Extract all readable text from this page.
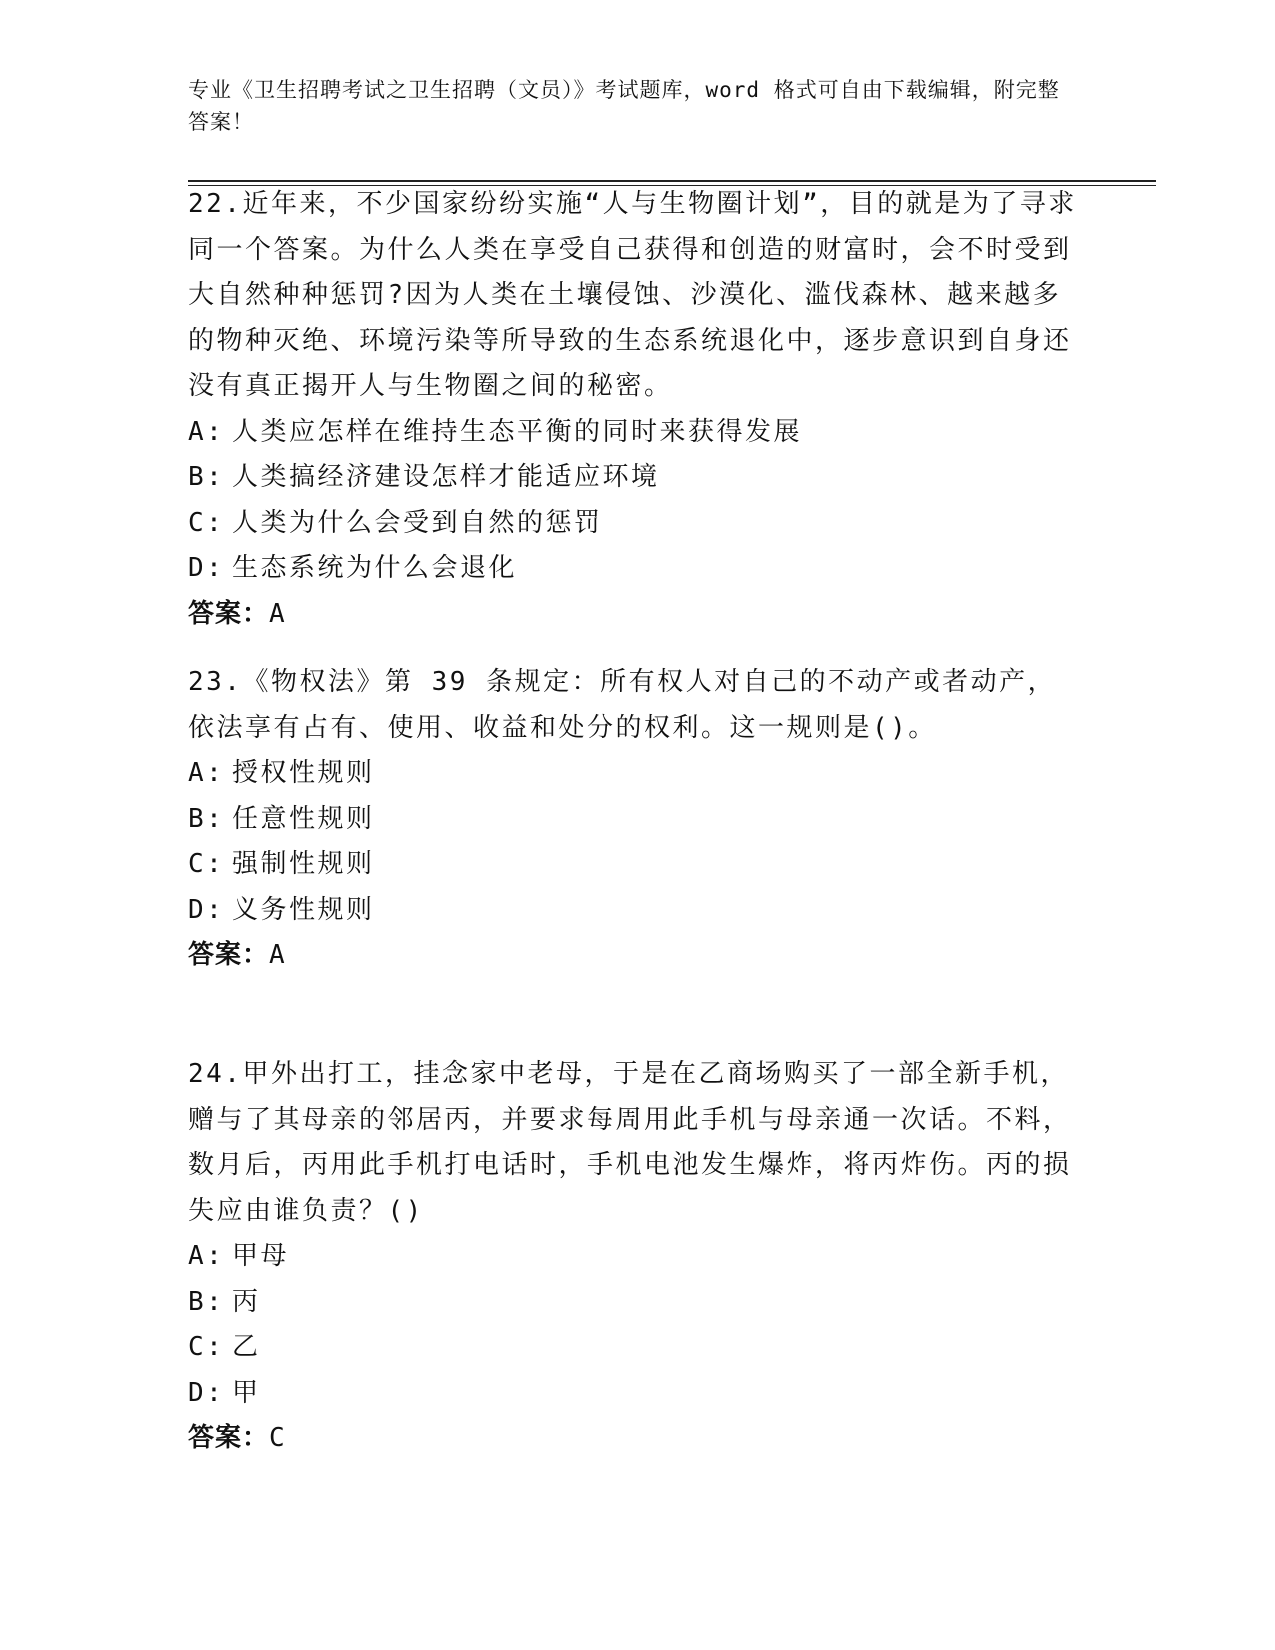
专业《卫生招聘考试之卫生招聘（文员）》考试题库，word 格式可自由下载编辑，附完整答案！

22.近年来，不少国家纷纷实施“人与生物圈计划”，目的就是为了寻求同一个答案。为什么人类在享受自己获得和创造的财富时，会不时受到大自然种种惩罚?因为人类在土壤侵蚀、沙漠化、滥伐森林、越来越多的物种灭绝、环境污染等所导致的生态系统退化中，逐步意识到自身还没有真正揭开人与生物圈之间的秘密。

A: 人类应怎样在维持生态平衡的同时来获得发展

B: 人类搞经济建设怎样才能适应环境

C: 人类为什么会受到自然的惩罚

D: 生态系统为什么会退化

答案：A

23.《物权法》第 39 条规定：所有权人对自己的不动产或者动产，依法享有占有、使用、收益和处分的权利。这一规则是()。

A: 授权性规则

B: 任意性规则

C: 强制性规则

D: 义务性规则

答案：A

24.甲外出打工，挂念家中老母，于是在乙商场购买了一部全新手机，赠与了其母亲的邻居丙，并要求每周用此手机与母亲通一次话。不料，数月后，丙用此手机打电话时，手机电池发生爆炸，将丙炸伤。丙的损失应由谁负责？()

A: 甲母

B: 丙

C: 乙

D: 甲

答案：C
